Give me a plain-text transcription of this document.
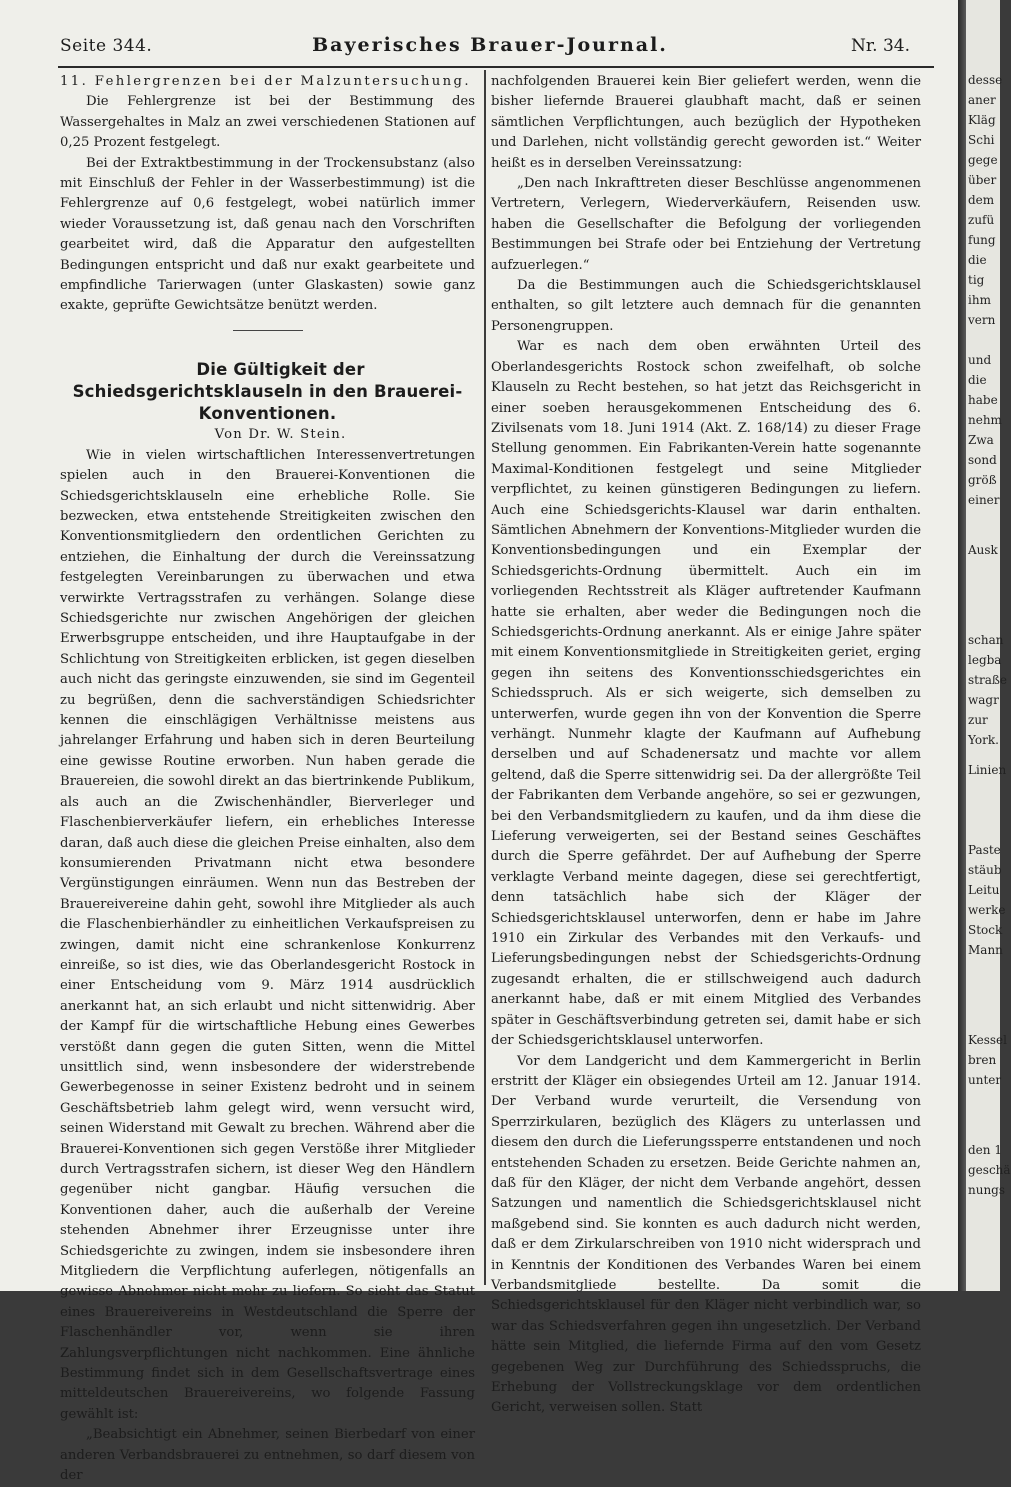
Seite 344.	Bayerisches Brauer-Journal.	Nr. 34.

11. Fehlergrenzen bei der Malzuntersuchung.

Die Fehlergrenze ist bei der Bestimmung des Wassergehaltes in Malz an zwei verschiedenen Stationen auf 0,25 Prozent festgelegt.

Bei der Extraktbestimmung in der Trockensubstanz (also mit Einschluß der Fehler in der Wasserbestimmung) ist die Fehlergrenze auf 0,6 festgelegt, wobei natürlich immer wieder Voraussetzung ist, daß genau nach den Vorschriften gearbeitet wird, daß die Apparatur den aufgestellten Bedingungen entspricht und daß nur exakt gearbeitete und empfindliche Tarierwagen (unter Glaskasten) sowie ganz exakte, geprüfte Gewichtsätze benützt werden.

Die Gültigkeit der Schiedsgerichtsklauseln in den Brauerei-Konventionen.

Von Dr. W. Stein.

Wie in vielen wirtschaftlichen Interessenvertretungen spielen auch in den Brauerei-Konventionen die Schiedsgerichtsklauseln eine erhebliche Rolle. Sie bezwecken, etwa entstehende Streitigkeiten zwischen den Konventionsmitgliedern den ordentlichen Gerichten zu entziehen, die Einhaltung der durch die Vereinssatzung festgelegten Vereinbarungen zu überwachen und etwa verwirkte Vertragsstrafen zu verhängen. Solange diese Schiedsgerichte nur zwischen Angehörigen der gleichen Erwerbsgruppe entscheiden, und ihre Hauptaufgabe in der Schlichtung von Streitigkeiten erblicken, ist gegen dieselben auch nicht das geringste einzuwenden, sie sind im Gegenteil zu begrüßen, denn die sachverständigen Schiedsrichter kennen die einschlägigen Verhältnisse meistens aus jahrelanger Erfahrung und haben sich in deren Beurteilung eine gewisse Routine erworben. Nun haben gerade die Brauereien, die sowohl direkt an das biertrinkende Publikum, als auch an die Zwischenhändler, Bierverleger und Flaschenbierverkäufer liefern, ein erhebliches Interesse daran, daß auch diese die gleichen Preise einhalten, also dem konsumierenden Privatmann nicht etwa besondere Vergünstigungen einräumen. Wenn nun das Bestreben der Brauereivereine dahin geht, sowohl ihre Mitglieder als auch die Flaschenbierhändler zu einheitlichen Verkaufspreisen zu zwingen, damit nicht eine schrankenlose Konkurrenz einreiße, so ist dies, wie das Oberlandesgericht Rostock in einer Entscheidung vom 9. März 1914 ausdrücklich anerkannt hat, an sich erlaubt und nicht sittenwidrig. Aber der Kampf für die wirtschaftliche Hebung eines Gewerbes verstößt dann gegen die guten Sitten, wenn die Mittel unsittlich sind, wenn insbesondere der widerstrebende Gewerbegenosse in seiner Existenz bedroht und in seinem Geschäftsbetrieb lahm gelegt wird, wenn versucht wird, seinen Widerstand mit Gewalt zu brechen. Während aber die Brauerei-Konventionen sich gegen Verstöße ihrer Mitglieder durch Vertragsstrafen sichern, ist dieser Weg den Händlern gegenüber nicht gangbar. Häufig versuchen die Konventionen daher, auch die außerhalb der Vereine stehenden Abnehmer ihrer Erzeugnisse unter ihre Schiedsgerichte zu zwingen, indem sie insbesondere ihren Mitgliedern die Verpflichtung auferlegen, nötigenfalls an gewisse Abnehmer nicht mehr zu liefern. So sieht das Statut eines Brauereivereins in Westdeutschland die Sperre der Flaschenhändler vor, wenn sie ihren Zahlungsverpflichtungen nicht nachkommen. Eine ähnliche Bestimmung findet sich in dem Gesellschaftsvertrage eines mitteldeutschen Brauereivereins, wo folgende Fassung gewählt ist:

„Beabsichtigt ein Abnehmer, seinen Bierbedarf von einer anderen Verbandsbrauerei zu entnehmen, so darf diesem von der

nachfolgenden Brauerei kein Bier geliefert werden, wenn die bisher liefernde Brauerei glaubhaft macht, daß er seinen sämtlichen Verpflichtungen, auch bezüglich der Hypotheken und Darlehen, nicht vollständig gerecht geworden ist.“ Weiter heißt es in derselben Vereinssatzung:

„Den nach Inkrafttreten dieser Beschlüsse angenommenen Vertretern, Verlegern, Wiederverkäufern, Reisenden usw. haben die Gesellschafter die Befolgung der vorliegenden Bestimmungen bei Strafe oder bei Entziehung der Vertretung aufzuerlegen.“

Da die Bestimmungen auch die Schiedsgerichtsklausel enthalten, so gilt letztere auch demnach für die genannten Personengruppen.

War es nach dem oben erwähnten Urteil des Oberlandesgerichts Rostock schon zweifelhaft, ob solche Klauseln zu Recht bestehen, so hat jetzt das Reichsgericht in einer soeben herausgekommenen Entscheidung des 6. Zivilsenats vom 18. Juni 1914 (Akt. Z. 168/14) zu dieser Frage Stellung genommen. Ein Fabrikanten-Verein hatte sogenannte Maximal-Konditionen festgelegt und seine Mitglieder verpflichtet, zu keinen günstigeren Bedingungen zu liefern. Auch eine Schiedsgerichts-Klausel war darin enthalten. Sämtlichen Abnehmern der Konventions-Mitglieder wurden die Konventionsbedingungen und ein Exemplar der Schiedsgerichts-Ordnung übermittelt. Auch ein im vorliegenden Rechtsstreit als Kläger auftretender Kaufmann hatte sie erhalten, aber weder die Bedingungen noch die Schiedsgerichts-Ordnung anerkannt. Als er einige Jahre später mit einem Konventionsmitgliede in Streitigkeiten geriet, erging gegen ihn seitens des Konventionsschiedsgerichtes ein Schiedsspruch. Als er sich weigerte, sich demselben zu unterwerfen, wurde gegen ihn von der Konvention die Sperre verhängt. Nunmehr klagte der Kaufmann auf Aufhebung derselben und auf Schadenersatz und machte vor allem geltend, daß die Sperre sittenwidrig sei. Da der allergrößte Teil der Fabrikanten dem Verbande angehöre, so sei er gezwungen, bei den Verbandsmitgliedern zu kaufen, und da ihm diese die Lieferung verweigerten, sei der Bestand seines Geschäftes durch die Sperre gefährdet. Der auf Aufhebung der Sperre verklagte Verband meinte dagegen, diese sei gerechtfertigt, denn tatsächlich habe sich der Kläger der Schiedsgerichtsklausel unterworfen, denn er habe im Jahre 1910 ein Zirkular des Verbandes mit den Verkaufs- und Lieferungsbedingungen nebst der Schiedsgerichts-Ordnung zugesandt erhalten, die er stillschweigend auch dadurch anerkannt habe, daß er mit einem Mitglied des Verbandes später in Geschäftsverbindung getreten sei, damit habe er sich der Schiedsgerichtsklausel unterworfen.

Vor dem Landgericht und dem Kammergericht in Berlin erstritt der Kläger ein obsiegendes Urteil am 12. Januar 1914. Der Verband wurde verurteilt, die Versendung von Sperrzirkularen, bezüglich des Klägers zu unterlassen und diesem den durch die Lieferungssperre entstandenen und noch entstehenden Schaden zu ersetzen. Beide Gerichte nahmen an, daß für den Kläger, der nicht dem Verbande angehört, dessen Satzungen und namentlich die Schiedsgerichtsklausel nicht maßgebend sind. Sie konnten es auch dadurch nicht werden, daß er dem Zirkularschreiben von 1910 nicht widersprach und in Kenntnis der Konditionen des Verbandes Waren bei einem Verbandsmitgliede bestellte. Da somit die Schiedsgerichtsklausel für den Kläger nicht verbindlich war, so war das Schiedsverfahren gegen ihn ungesetzlich. Der Verband hätte sein Mitglied, die liefernde Firma auf den vom Gesetz gegebenen Weg zur Durchführung des Schiedsspruchs, die Erhebung der Vollstreckungsklage vor dem ordentlichen Gericht, verweisen sollen. Statt

desse
aner
Kläg
Schi
gege
über
dem
zufü
fung
die
tig
ihm
vern
und
die
habe
nehm
Zwa
sond
größ
einer
Ausk
schan
legba
straße
wagr
zur
York.
Linien
Paste
stäub
Leitu
werke
Stock
Mann
Kessel
bren
unter
den 1
geschä
nungs
